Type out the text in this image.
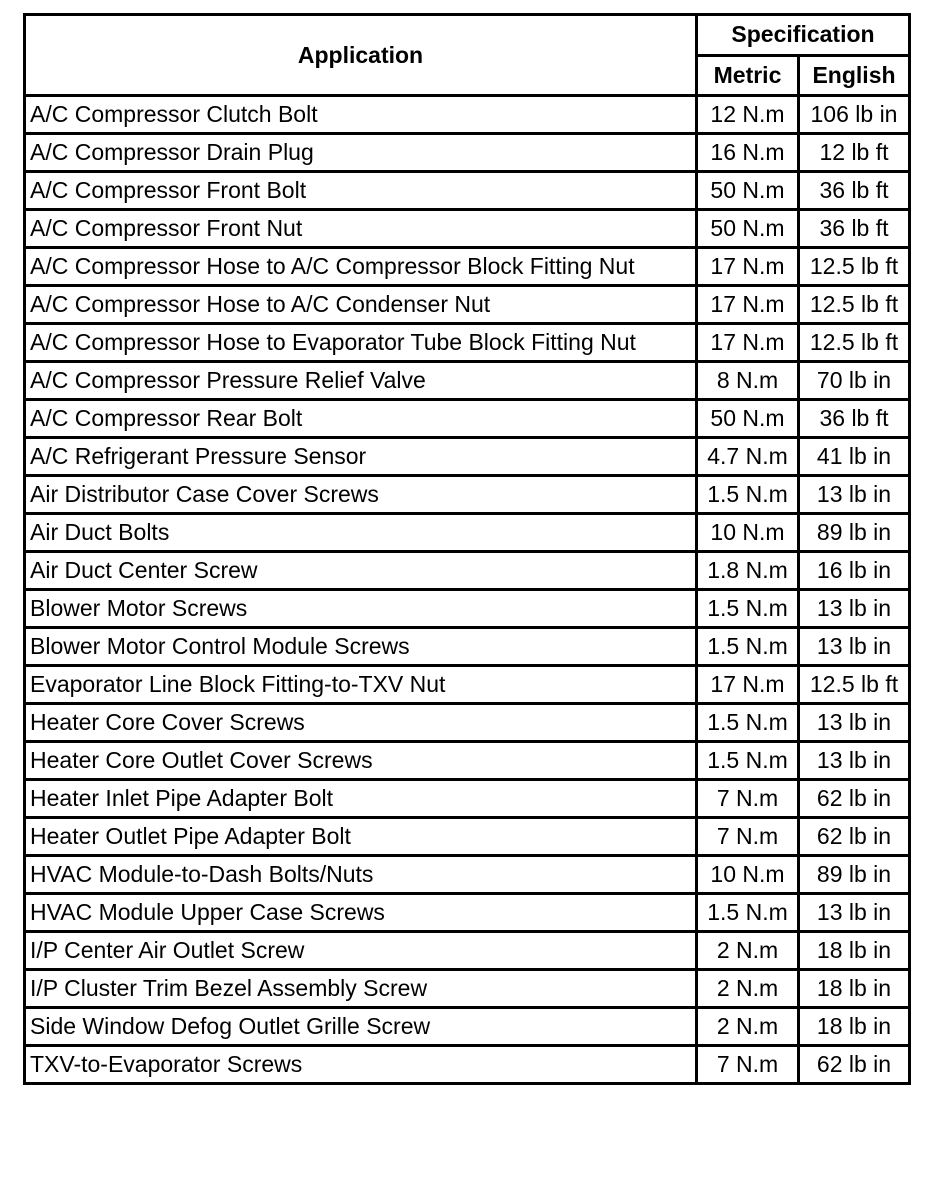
Application	Specification	
	Metric	English
A/C Compressor Clutch Bolt	12 N.m	106 lb in
A/C Compressor Drain Plug	16 N.m	12 lb ft
A/C Compressor Front Bolt	50 N.m	36 lb ft
A/C Compressor Front Nut	50 N.m	36 lb ft
A/C Compressor Hose to A/C Compressor Block Fitting Nut	17 N.m	12.5 lb ft
A/C Compressor Hose to A/C Condenser Nut	17 N.m	12.5 lb ft
A/C Compressor Hose to Evaporator Tube Block Fitting Nut	17 N.m	12.5 lb ft
A/C Compressor Pressure Relief Valve	8 N.m	70 lb in
A/C Compressor Rear Bolt	50 N.m	36 lb ft
A/C Refrigerant Pressure Sensor	4.7 N.m	41 lb in
Air Distributor Case Cover Screws	1.5 N.m	13 lb in
Air Duct Bolts	10 N.m	89 lb in
Air Duct Center Screw	1.8 N.m	16 lb in
Blower Motor Screws	1.5 N.m	13 lb in
Blower Motor Control Module Screws	1.5 N.m	13 lb in
Evaporator Line Block Fitting-to-TXV Nut	17 N.m	12.5 lb ft
Heater Core Cover Screws	1.5 N.m	13 lb in
Heater Core Outlet Cover Screws	1.5 N.m	13 lb in
Heater Inlet Pipe Adapter Bolt	7 N.m	62 lb in
Heater Outlet Pipe Adapter Bolt	7 N.m	62 lb in
HVAC Module-to-Dash Bolts/Nuts	10 N.m	89 lb in
HVAC Module Upper Case Screws	1.5 N.m	13 lb in
I/P Center Air Outlet Screw	2 N.m	18 lb in
I/P Cluster Trim Bezel Assembly Screw	2 N.m	18 lb in
Side Window Defog Outlet Grille Screw	2 N.m	18 lb in
TXV-to-Evaporator Screws	7 N.m	62 lb in
